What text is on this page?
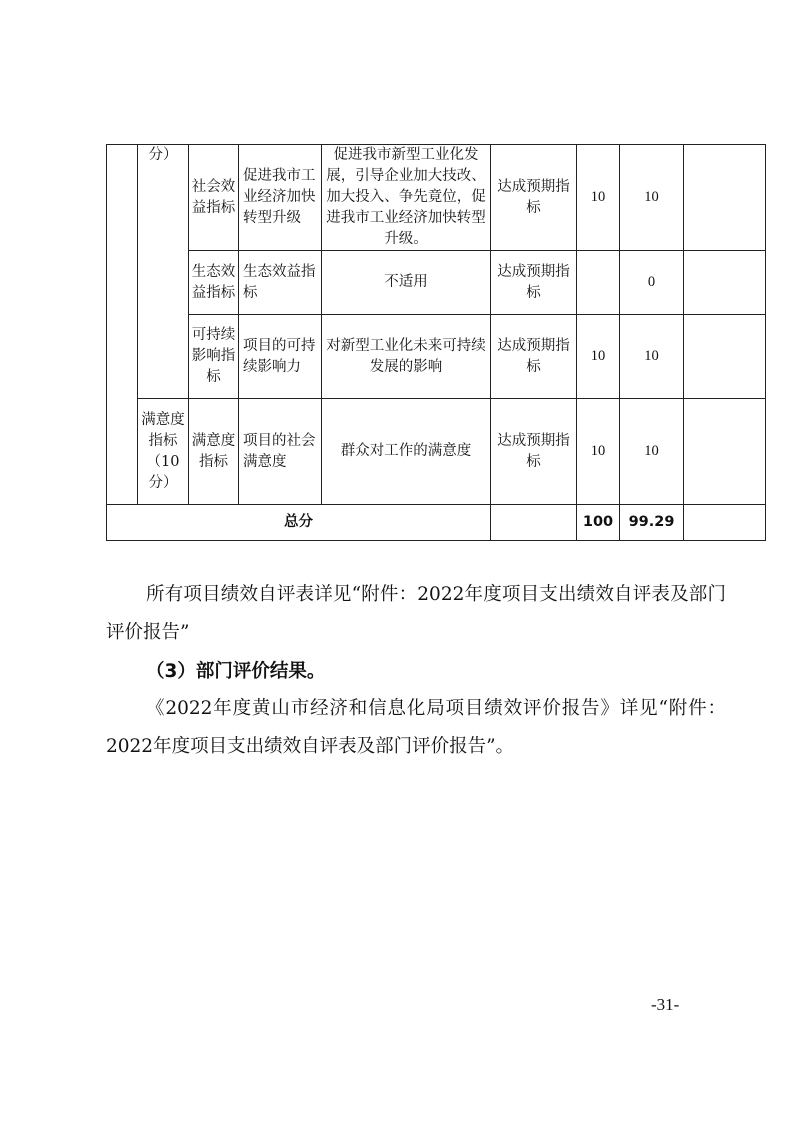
	分）	社会效益指标	促进我市工业经济加快转型升级	促进我市新型工业化发展，引导企业加大技改、加大投入、争先竟位，促进我市工业经济加快转型升级。	达成预期指标	10	10	
		生态效益指标	生态效益指标	不适用	达成预期指标		0	
		可持续影响指标	项目的可持续影响力	对新型工业化未来可持续发展的影响	达成预期指标	10	10	
	满意度指标（10分）	满意度指标	项目的社会满意度	群众对工作的满意度	达成预期指标	10	10	
总分						100	99.29	

所有项目绩效自评表详见“附件：2022年度项目支出绩效自评表及部门评价报告”

（3）部门评价结果。

《2022年度黄山市经济和信息化局项目绩效评价报告》详见“附件：2022年度项目支出绩效自评表及部门评价报告”。

-31-
